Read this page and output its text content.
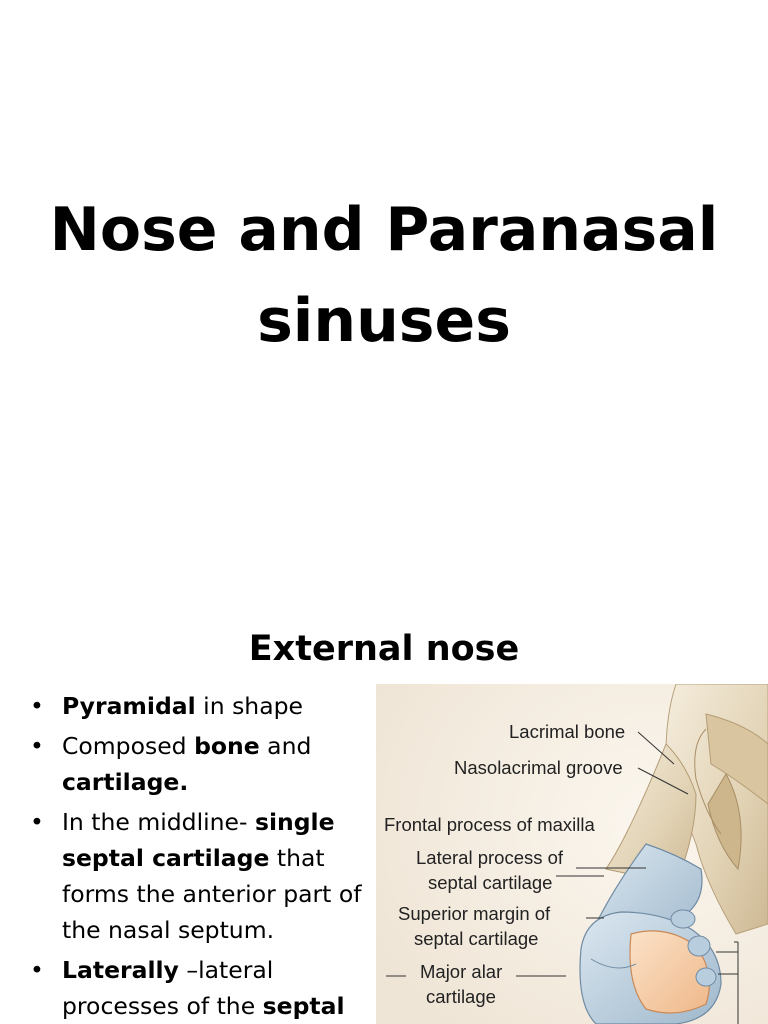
Nose and Paranasal
sinuses
External nose
• Pyramidal in shape
• Composed bone and cartilage.
• In the middline- single septal cartilage that forms the anterior part of the nasal septum.
• Laterally –lateral processes of the septal
Lacrimal bone
Nasolacrimal groove
Frontal process of maxilla
Lateral process of
septal cartilage
Superior margin of
septal cartilage
Major alar
cartilage
